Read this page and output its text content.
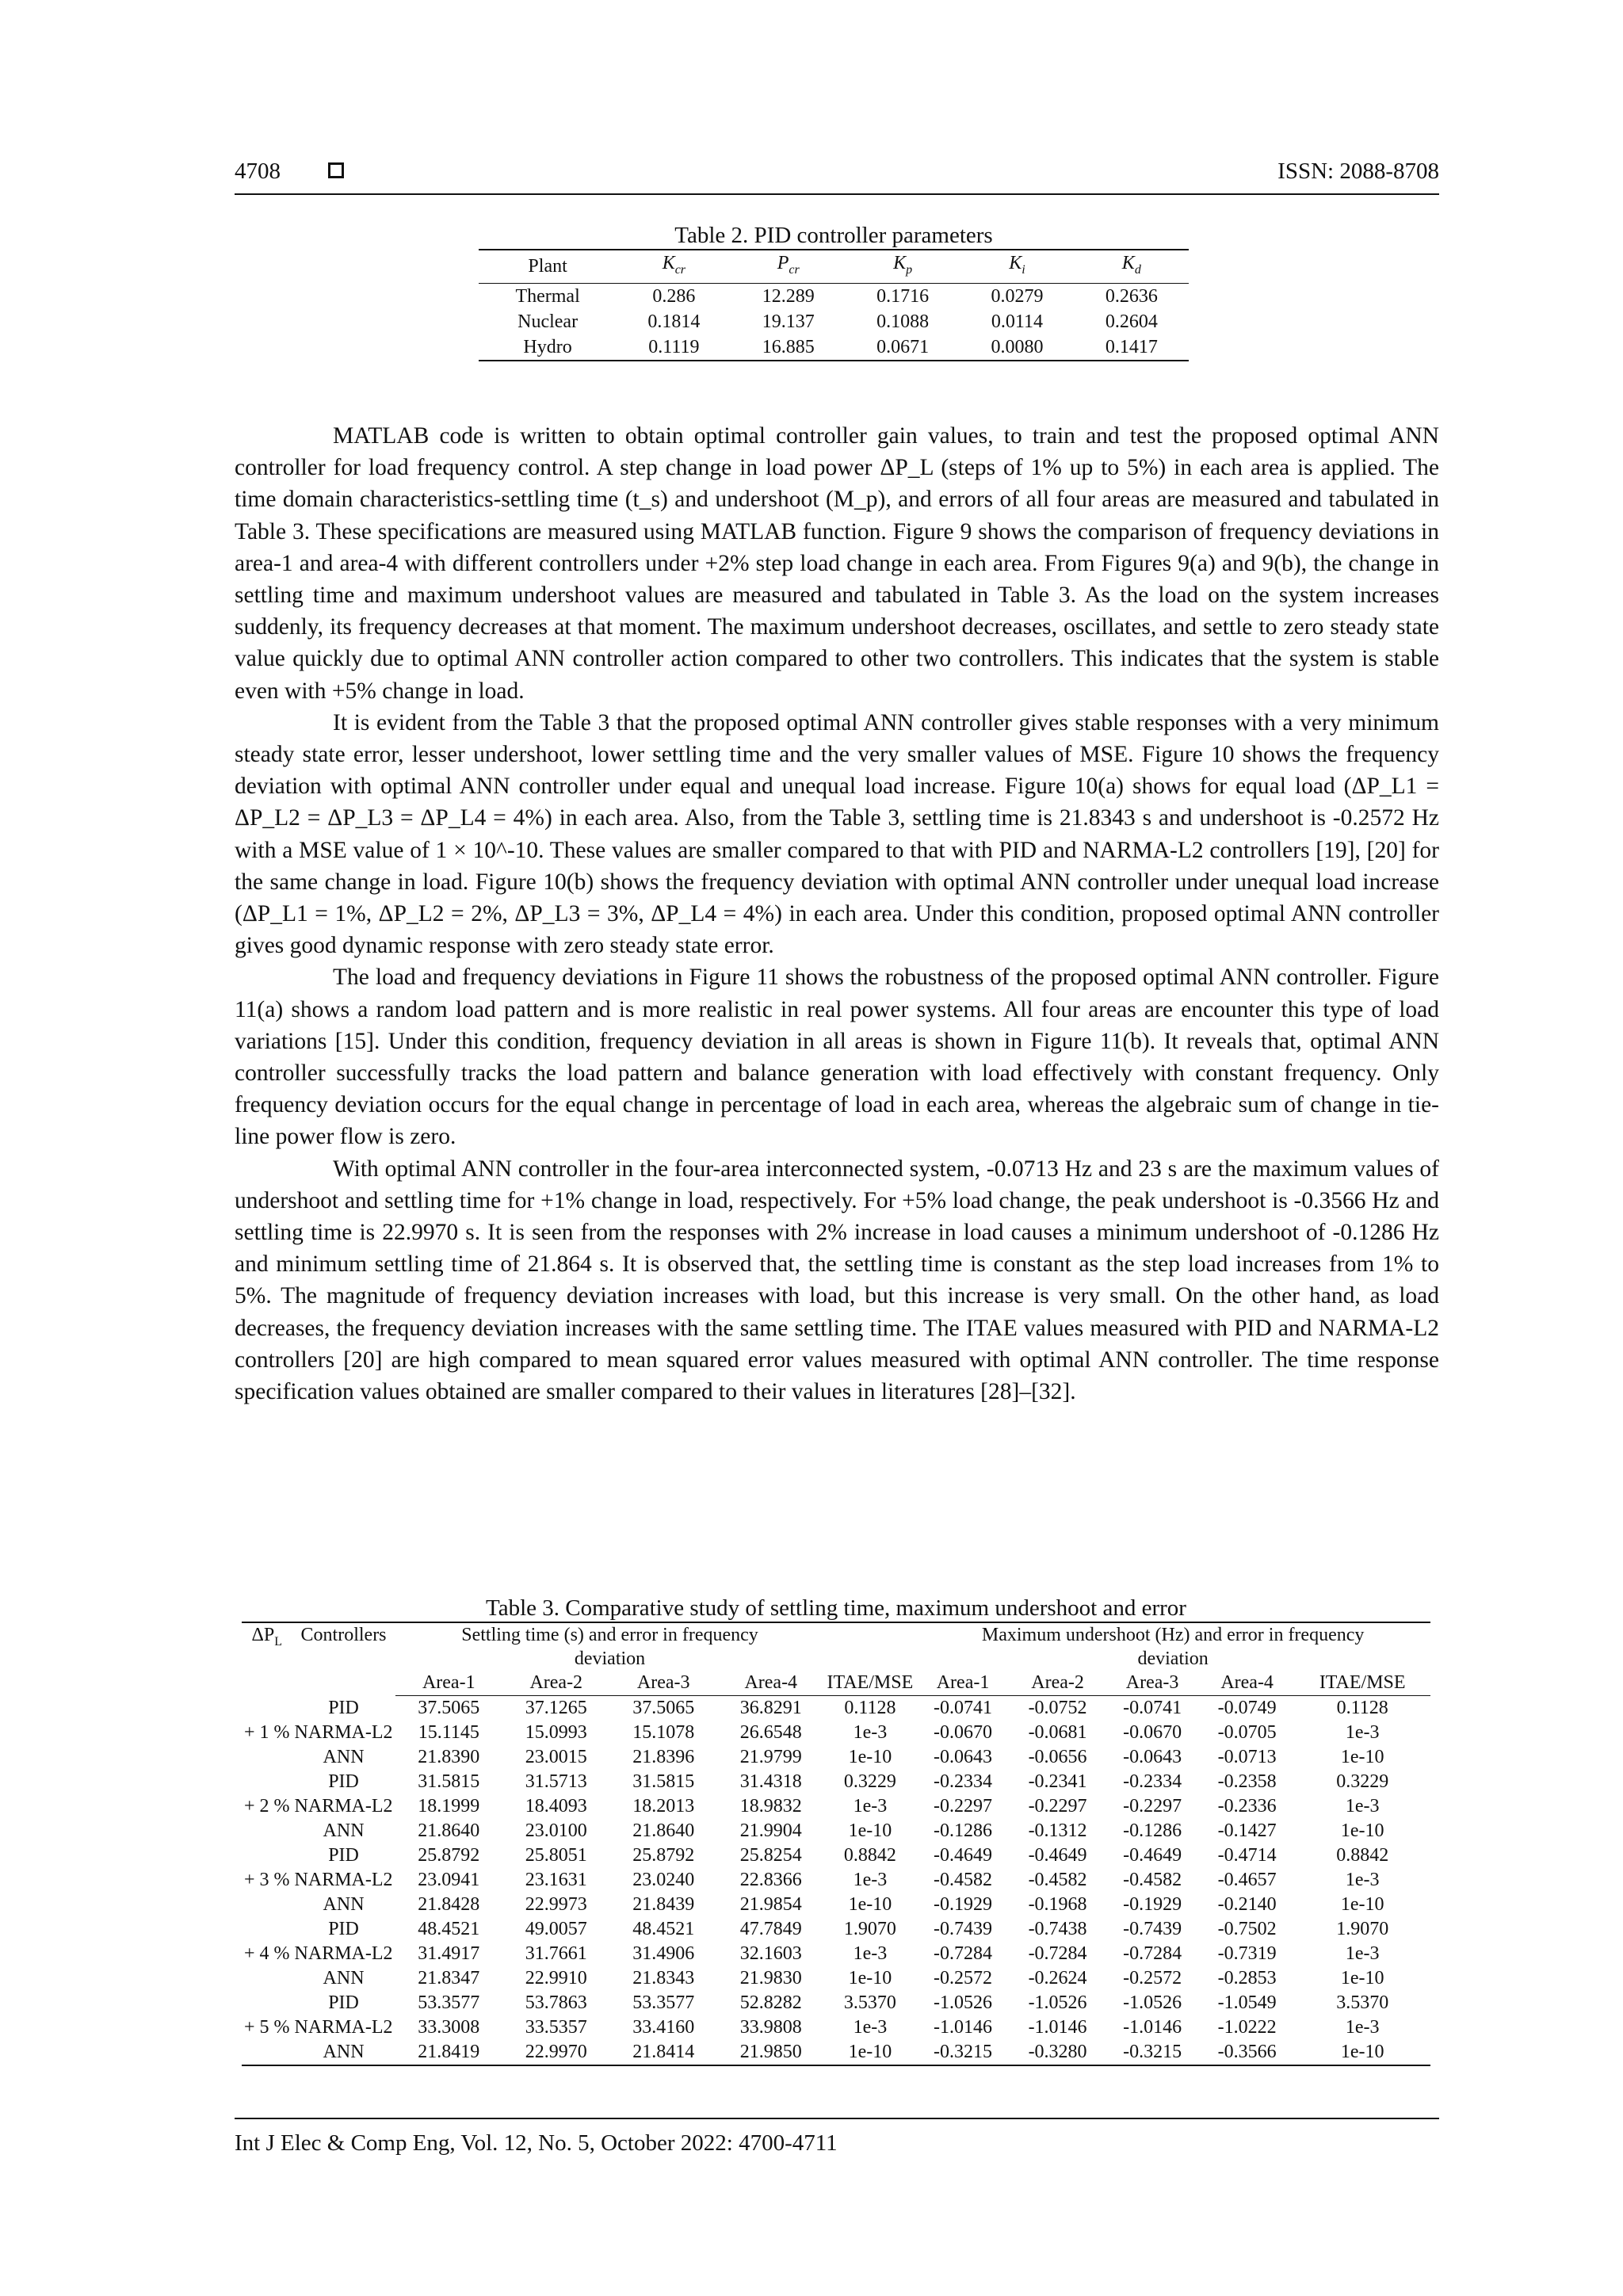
4708	ISSN: 2088-8708
Table 2. PID controller parameters
Plant	$K_{cr}$	$P_{cr}$	$K_p$	$K_i$	$K_d$
Thermal	0.286	12.289	0.1716	0.0279	0.2636
Nuclear	0.1814	19.137	0.1088	0.0114	0.2604
Hydro	0.1119	16.885	0.0671	0.0080	0.1417

MATLAB code is written to obtain optimal controller gain values, to train and test the proposed optimal ANN controller for load frequency control. A step change in load power ΔP_L (steps of 1% up to 5%) in each area is applied. The time domain characteristics-settling time (t_s) and undershoot (M_p), and errors of all four areas are measured and tabulated in Table 3. These specifications are measured using MATLAB function. Figure 9 shows the comparison of frequency deviations in area-1 and area-4 with different controllers under +2% step load change in each area. From Figures 9(a) and 9(b), the change in settling time and maximum undershoot values are measured and tabulated in Table 3. As the load on the system increases suddenly, its frequency decreases at that moment. The maximum undershoot decreases, oscillates, and settle to zero steady state value quickly due to optimal ANN controller action compared to other two controllers. This indicates that the system is stable even with +5% change in load.

It is evident from the Table 3 that the proposed optimal ANN controller gives stable responses with a very minimum steady state error, lesser undershoot, lower settling time and the very smaller values of MSE. Figure 10 shows the frequency deviation with optimal ANN controller under equal and unequal load increase. Figure 10(a) shows for equal load (ΔP_L1 = ΔP_L2 = ΔP_L3 = ΔP_L4 = 4%) in each area. Also, from the Table 3, settling time is 21.8343 s and undershoot is -0.2572 Hz with a MSE value of 1 × 10^-10. These values are smaller compared to that with PID and NARMA-L2 controllers [19], [20] for the same change in load. Figure 10(b) shows the frequency deviation with optimal ANN controller under unequal load increase (ΔP_L1 = 1%, ΔP_L2 = 2%, ΔP_L3 = 3%, ΔP_L4 = 4%) in each area. Under this condition, proposed optimal ANN controller gives good dynamic response with zero steady state error.

The load and frequency deviations in Figure 11 shows the robustness of the proposed optimal ANN controller. Figure 11(a) shows a random load pattern and is more realistic in real power systems. All four areas are encounter this type of load variations [15]. Under this condition, frequency deviation in all areas is shown in Figure 11(b). It reveals that, optimal ANN controller successfully tracks the load pattern and balance generation with load effectively with constant frequency. Only frequency deviation occurs for the equal change in percentage of load in each area, whereas the algebraic sum of change in tie-line power flow is zero.

With optimal ANN controller in the four-area interconnected system, -0.0713 Hz and 23 s are the maximum values of undershoot and settling time for +1% change in load, respectively. For +5% load change, the peak undershoot is -0.3566 Hz and settling time is 22.9970 s. It is seen from the responses with 2% increase in load causes a minimum undershoot of -0.1286 Hz and minimum settling time of 21.864 s. It is observed that, the settling time is constant as the step load increases from 1% to 5%. The magnitude of frequency deviation increases with load, but this increase is very small. On the other hand, as load decreases, the frequency deviation increases with the same settling time. The ITAE values measured with PID and NARMA-L2 controllers [20] are high compared to mean squared error values measured with optimal ANN controller. The time response specification values obtained are smaller compared to their values in literatures [28]–[32].

Table 3. Comparative study of settling time, maximum undershoot and error
$\Delta P_L$	Controllers	Settling time (s) and error in frequency deviation					Maximum undershoot (Hz) and error in frequency deviation				
		Area-1	Area-2	Area-3	Area-4	ITAE/MSE	Area-1	Area-2	Area-3	Area-4	ITAE/MSE
	PID	37.5065	37.1265	37.5065	36.8291	0.1128	-0.0741	-0.0752	-0.0741	-0.0749	0.1128
+ 1 %	NARMA-L2	15.1145	15.0993	15.1078	26.6548	1e-3	-0.0670	-0.0681	-0.0670	-0.0705	1e-3
	ANN	21.8390	23.0015	21.8396	21.9799	1e-10	-0.0643	-0.0656	-0.0643	-0.0713	1e-10
	PID	31.5815	31.5713	31.5815	31.4318	0.3229	-0.2334	-0.2341	-0.2334	-0.2358	0.3229
+ 2 %	NARMA-L2	18.1999	18.4093	18.2013	18.9832	1e-3	-0.2297	-0.2297	-0.2297	-0.2336	1e-3
	ANN	21.8640	23.0100	21.8640	21.9904	1e-10	-0.1286	-0.1312	-0.1286	-0.1427	1e-10
	PID	25.8792	25.8051	25.8792	25.8254	0.8842	-0.4649	-0.4649	-0.4649	-0.4714	0.8842
+ 3 %	NARMA-L2	23.0941	23.1631	23.0240	22.8366	1e-3	-0.4582	-0.4582	-0.4582	-0.4657	1e-3
	ANN	21.8428	22.9973	21.8439	21.9854	1e-10	-0.1929	-0.1968	-0.1929	-0.2140	1e-10
	PID	48.4521	49.0057	48.4521	47.7849	1.9070	-0.7439	-0.7438	-0.7439	-0.7502	1.9070
+ 4 %	NARMA-L2	31.4917	31.7661	31.4906	32.1603	1e-3	-0.7284	-0.7284	-0.7284	-0.7319	1e-3
	ANN	21.8347	22.9910	21.8343	21.9830	1e-10	-0.2572	-0.2624	-0.2572	-0.2853	1e-10
	PID	53.3577	53.7863	53.3577	52.8282	3.5370	-1.0526	-1.0526	-1.0526	-1.0549	3.5370
+ 5 %	NARMA-L2	33.3008	33.5357	33.4160	33.9808	1e-3	-1.0146	-1.0146	-1.0146	-1.0222	1e-3
	ANN	21.8419	22.9970	21.8414	21.9850	1e-10	-0.3215	-0.3280	-0.3215	-0.3566	1e-10
Int J Elec & Comp Eng, Vol. 12, No. 5, October 2022: 4700-4711
